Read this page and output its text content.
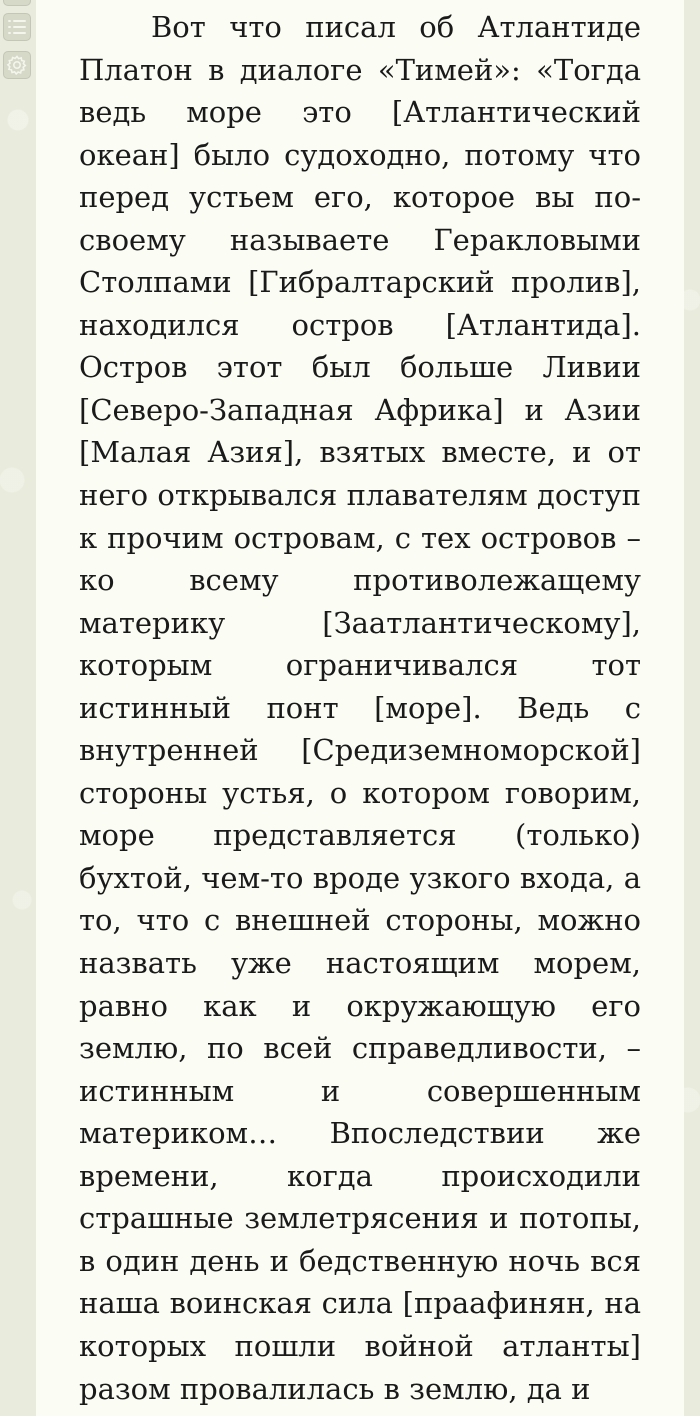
Вот что писал об Атлантиде Платон в диалоге «Тимей»: «Тогда ведь море это [Атлантический океан] было судоходно, потому что перед устьем его, которое вы по-своему называете Геракловыми Столпами [Гибралтарский пролив], находился остров [Атлантида]. Остров этот был больше Ливии [Северо-Западная Африка] и Азии [Малая Азия], взятых вместе, и от него открывался плавателям доступ к прочим островам, с тех островов – ко всему противолежащему материку [Заатлантическому], которым ограничивался тот истинный понт [море]. Ведь с внутренней [Средиземноморской] стороны устья, о котором говорим, море представляется (только) бухтой, чем-то вроде узкого входа, а то, что с внешней стороны, можно назвать уже настоящим морем, равно как и окружающую его землю, по всей справедливости, – истинным и совершенным материком… Впоследствии же времени, когда происходили страшные землетрясения и потопы, в один день и бедственную ночь вся наша воинская сила [праафинян, на которых пошли войной атланты] разом провалилась в землю, да и
